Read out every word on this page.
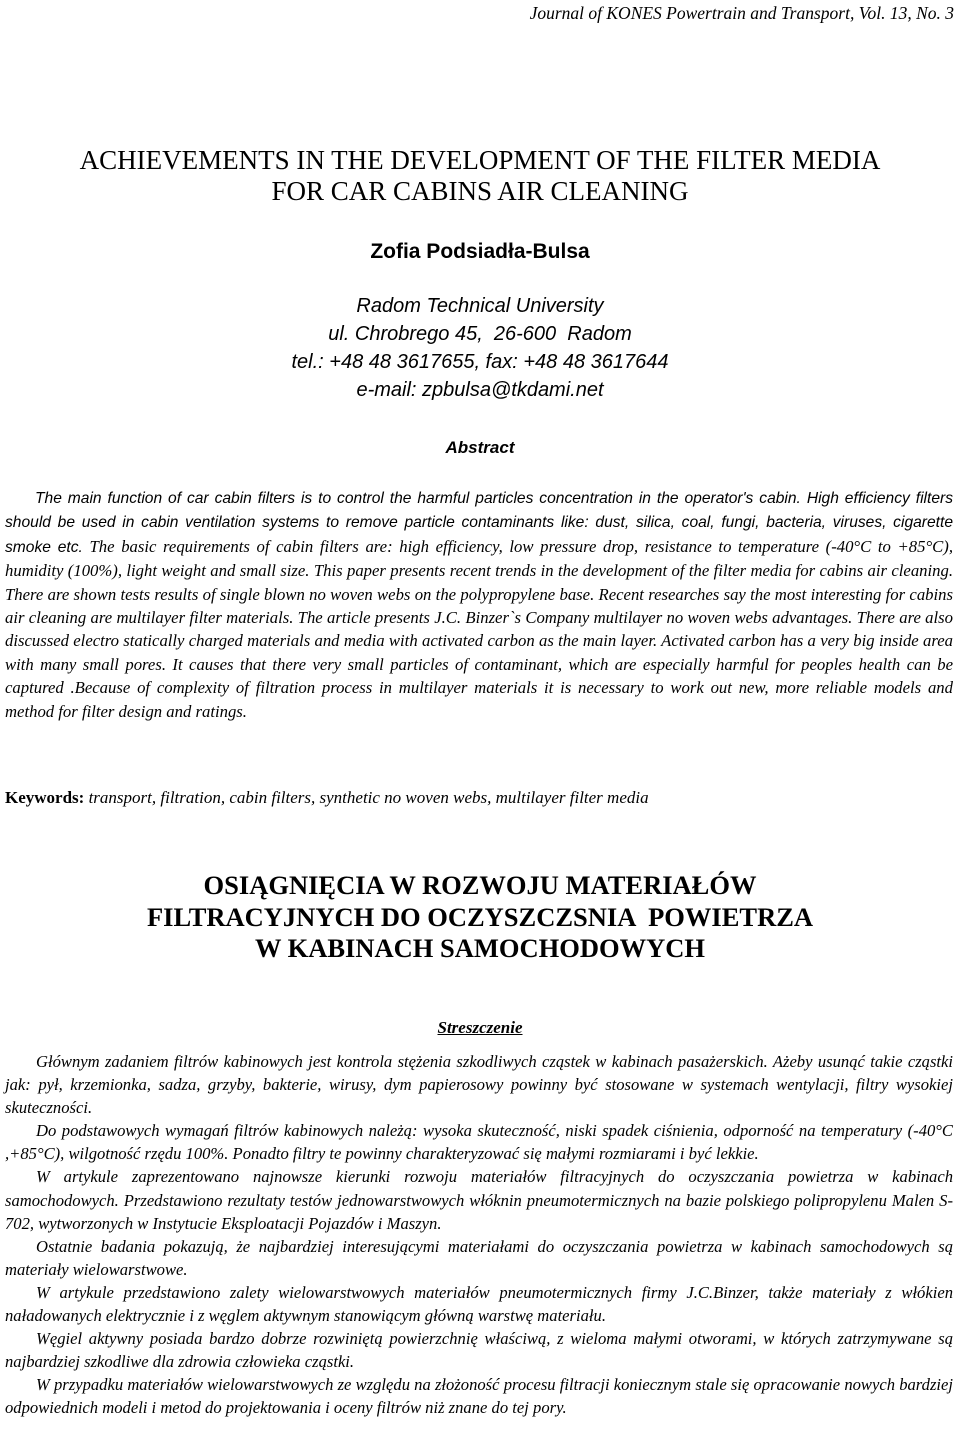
Journal of KONES Powertrain and Transport, Vol. 13, No. 3
ACHIEVEMENTS IN THE DEVELOPMENT OF THE FILTER MEDIA
FOR CAR CABINS AIR CLEANING
Zofia Podsiadła-Bulsa
Radom Technical University
ul. Chrobrego 45,  26-600  Radom
tel.: +48 48 3617655, fax: +48 48 3617644
e-mail: zpbulsa@tkdami.net
Abstract
The main function of car cabin filters is to control the harmful particles concentration in the operator's cabin. High efficiency filters should be used in cabin ventilation systems to remove particle contaminants like: dust, silica, coal, fungi, bacteria, viruses, cigarette smoke etc. The basic requirements of cabin filters are: high efficiency, low pressure drop, resistance to temperature (-40°C to +85°C), humidity (100%), light weight and small size. This paper presents recent trends in the development of the filter media for cabins air cleaning. There are shown tests results of single blown no woven webs on the polypropylene base. Recent researches say the most interesting for cabins air cleaning are multilayer filter materials. The article presents J.C. Binzer`s Company multilayer no woven webs advantages. There are also discussed electro statically charged materials and media with activated carbon as the main layer. Activated carbon has a very big inside area with many small pores. It causes that there very small particles of contaminant, which are especially harmful for peoples health can be captured .Because of complexity of filtration process in multilayer materials it is necessary to work out new, more reliable models and method for filter design and ratings.
Keywords: transport, filtration, cabin filters, synthetic no woven webs, multilayer filter media
OSIĄGNIĘCIA W ROZWOJU MATERIAŁÓW
FILTRACYJNYCH DO OCZYSZCZSNIA  POWIETRZA
W KABINACH SAMOCHODOWYCH
Streszczenie

Głównym zadaniem filtrów kabinowych jest kontrola stężenia szkodliwych cząstek w kabinach pasażerskich. Ażeby usunąć takie cząstki jak: pył, krzemionka, sadza, grzyby, bakterie, wirusy, dym papierosowy powinny być stosowane w systemach wentylacji, filtry wysokiej skuteczności.

Do podstawowych wymagań filtrów kabinowych należą: wysoka skuteczność, niski spadek ciśnienia, odporność na temperatury (-40°C ,+85°C), wilgotność rzędu 100%. Ponadto filtry te powinny charakteryzować się małymi rozmiarami i być lekkie.

W artykule zaprezentowano najnowsze kierunki rozwoju materiałów filtracyjnych do oczyszczania powietrza w kabinach samochodowych. Przedstawiono rezultaty testów jednowarstwowych włóknin pneumotermicznych na bazie polskiego polipropylenu Malen S-702, wytworzonych w Instytucie Eksploatacji Pojazdów i Maszyn.

Ostatnie badania pokazują, że najbardziej interesującymi materiałami do oczyszczania powietrza w kabinach samochodowych są materiały wielowarstwowe.

W artykule przedstawiono zalety wielowarstwowych materiałów pneumotermicznych firmy J.C.Binzer, także materiały z włókien naładowanych elektrycznie i z węglem aktywnym stanowiącym główną warstwę materiału.

Węgiel aktywny posiada bardzo dobrze rozwiniętą powierzchnię właściwą, z wieloma małymi otworami, w których zatrzymywane są najbardziej szkodliwe dla zdrowia człowieka cząstki.

W przypadku materiałów wielowarstwowych ze względu na złożoność procesu filtracji koniecznym stale się opracowanie nowych bardziej odpowiednich modeli i metod do projektowania i oceny filtrów niż znane do tej pory.
